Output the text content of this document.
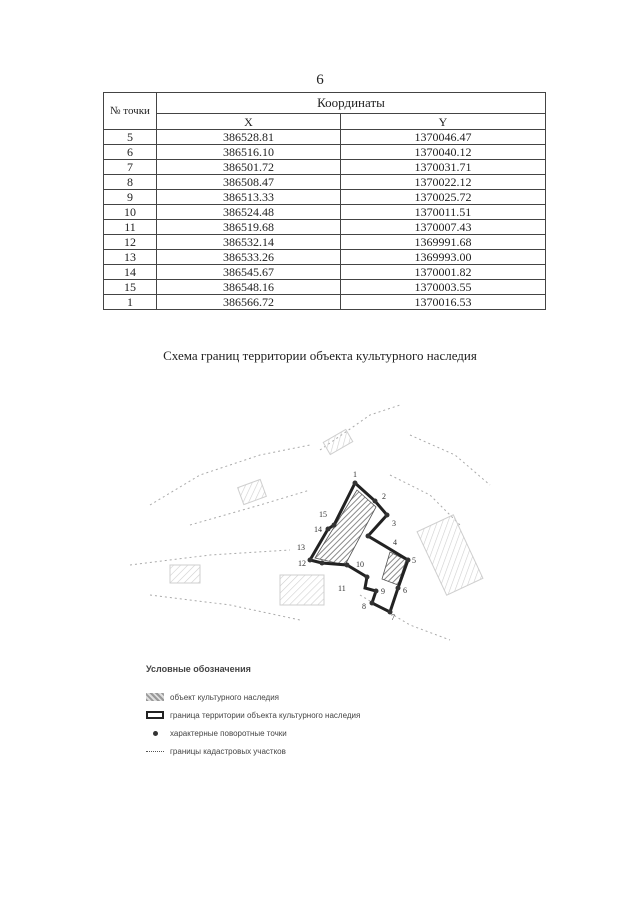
6
№ точки	Координаты	
	X	Y
5	386528.81	1370046.47
6	386516.10	1370040.12
7	386501.72	1370031.71
8	386508.47	1370022.12
9	386513.33	1370025.72
10	386524.48	1370011.51
11	386519.68	1370007.43
12	386532.14	1369991.68
13	386533.26	1369993.00
14	386545.67	1370001.82
15	386548.16	1370003.55
1	386566.72	1370016.53
Схема границ территории объекта культурного наследия
1
2
3
4
5
6
7
8
9
10
11
12
13
14
15
Условные обозначения
объект культурного наследия
граница территории объекта культурного наследия
характерные поворотные точки
границы кадастровых участков
